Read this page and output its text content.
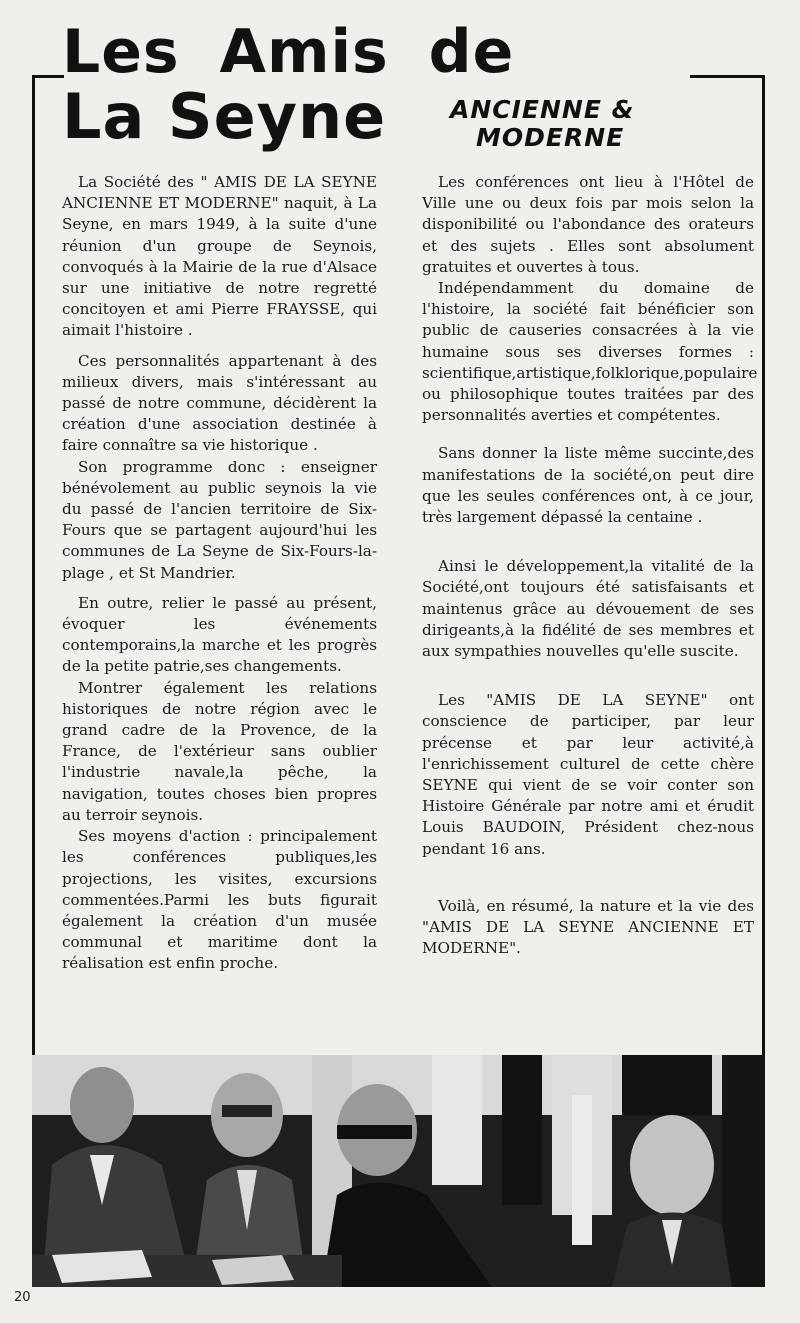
Les Amis de
La Seyne	ANCIENNE &
MODERNE

La Société des " AMIS DE LA SEYNE ANCIENNE ET MODERNE" naquit, à La Seyne, en mars 1949, à la suite d'une réunion d'un groupe de Seynois, convoqués à la Mairie de la rue d'Alsace sur une initiative de notre regretté concitoyen et ami Pierre FRAYSSE, qui aimait l'histoire .

Ces personnalités appartenant à des milieux divers, mais s'intéressant au passé de notre commune, décidèrent la création d'une association destinée à faire connaître sa vie historique .

Son programme donc : enseigner bénévolement au public seynois la vie du passé de l'ancien territoire de Six-Fours que se partagent aujourd'hui les communes de La Seyne de Six-Fours-la-plage , et St Mandrier.

En outre, relier le passé au présent, évoquer les événements contemporains,la marche et les progrès de la petite patrie,ses changements.

Montrer également les relations historiques de notre région avec le grand cadre de la Provence, de la France, de l'extérieur sans oublier l'industrie navale,la pêche, la navigation, toutes choses bien propres au terroir seynois.

Ses moyens d'action : principalement les conférences publiques,les projections, les visites, excursions commentées.Parmi les buts figurait également la création d'un musée communal et maritime dont la réalisation est enfin proche.

Les conférences ont lieu à l'Hôtel de Ville une ou deux fois par mois selon la disponibilité ou l'abondance des orateurs et des sujets . Elles sont absolument gratuites et ouvertes à tous.

Indépendamment du domaine de l'histoire, la société fait bénéficier son public de causeries consacrées à la vie humaine sous ses diverses formes : scientifique,artistique,folklorique,populaire ou philosophique toutes traitées par des personnalités averties et compétentes.

Sans donner la liste même succinte,des manifestations de la société,on peut dire que les seules conférences ont, à ce jour, très largement dépassé la centaine .

Ainsi le développement,la vitalité de la Société,ont toujours été satisfaisants et maintenus grâce au dévouement de ses dirigeants,à la fidélité de ses membres et aux sympathies nouvelles qu'elle suscite.

Les "AMIS DE LA SEYNE" ont conscience de participer, par leur précense et par leur activité,à l'enrichissement culturel de cette chère SEYNE qui vient de se voir conter son Histoire Générale par notre ami et érudit Louis BAUDOIN, Président chez-nous pendant 16 ans.

Voilà, en résumé, la nature et la vie des "AMIS DE LA SEYNE ANCIENNE ET MODERNE".

20
